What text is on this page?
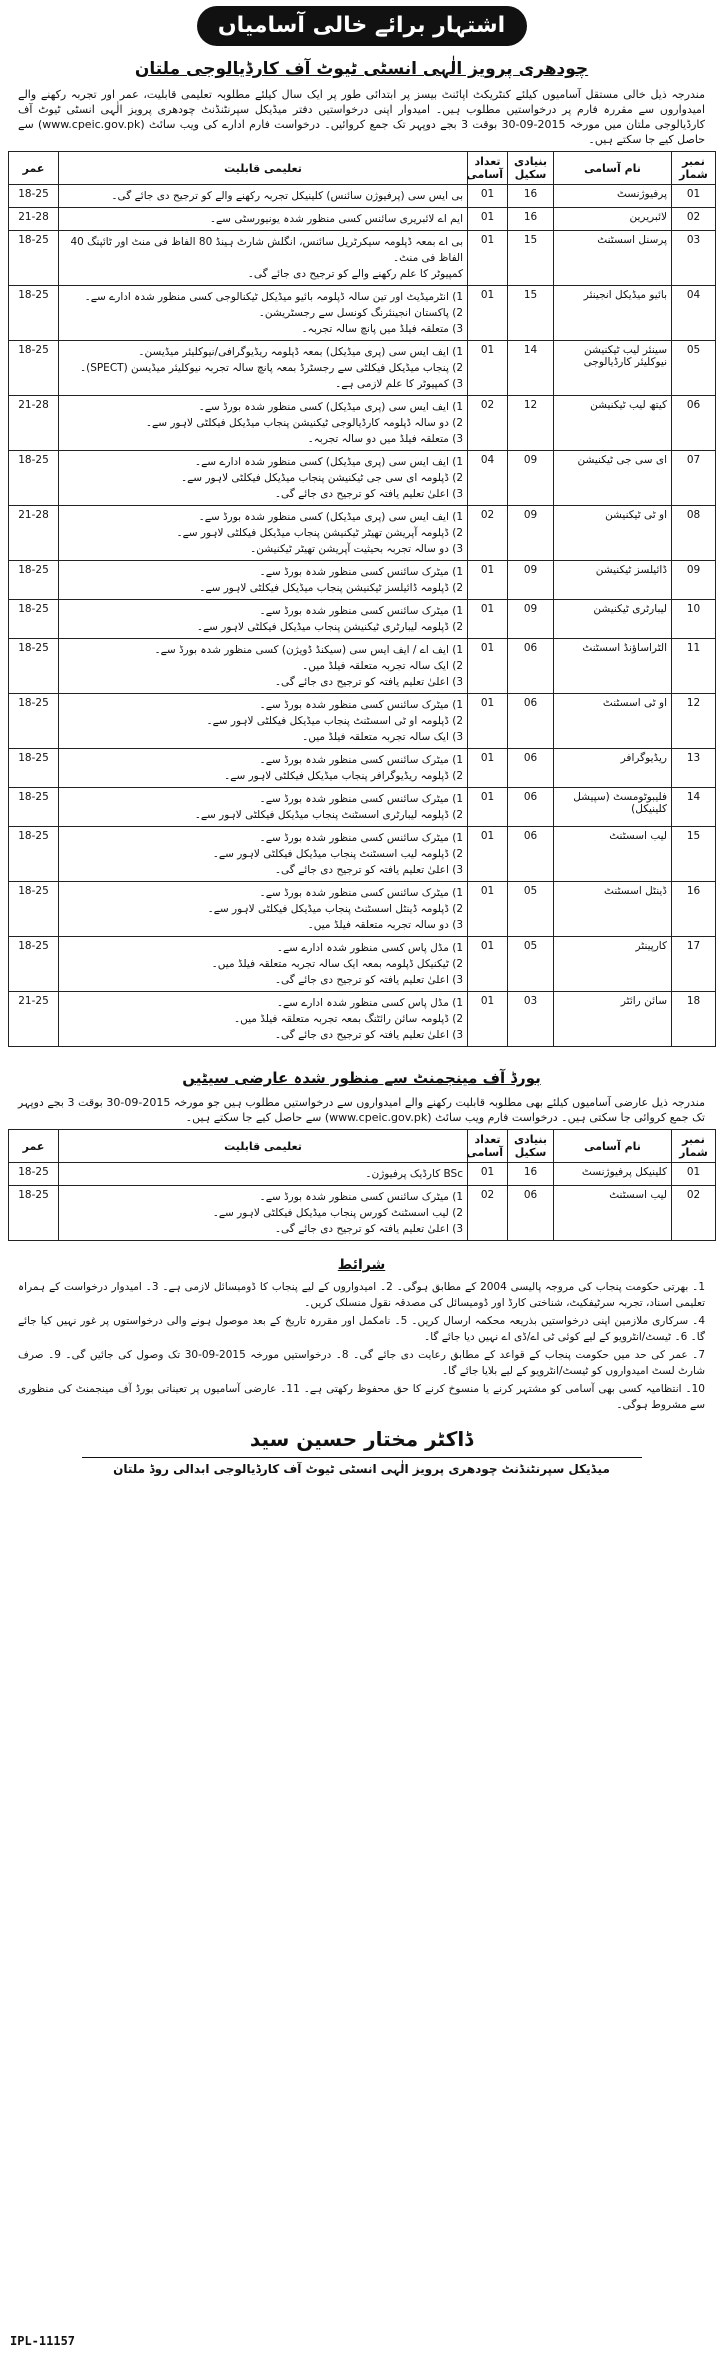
اشتہار برائے خالی آسامیاں
چودھری پرویز الٰہی انسٹی ٹیوٹ آف کارڈیالوجی ملتان
مندرجہ ذیل خالی مستقل آسامیوں کیلئے کنٹریکٹ اپائنٹ بیسز پر ابتدائی طور پر ایک سال کیلئے مطلوبہ تعلیمی قابلیت، عمر اور تجربہ رکھنے والے امیدواروں سے مقررہ فارم پر درخواستیں مطلوب ہیں۔ امیدوار اپنی درخواستیں دفتر میڈیکل سپرنٹنڈنٹ چودھری پرویز الٰہی انسٹی ٹیوٹ آف کارڈیالوجی ملتان میں مورخہ 2015-09-30 بوقت 3 بجے دوپہر تک جمع کروائیں۔ درخواست فارم ادارے کی ویب سائٹ (www.cpeic.gov.pk) سے حاصل کیے جا سکتے ہیں۔
نمبر شمار	نام آسامی	بنیادی سکیل	تعداد آسامی	تعلیمی قابلیت	عمر
01	پرفیوژنسٹ	16	01	بی ایس سی (پرفیوژن سائنس) کلینیکل تجربہ رکھنے والے کو ترجیح دی جائے گی۔	18-25
02	لائبریرین	16	01	ایم اے لائبریری سائنس کسی منظور شدہ یونیورسٹی سے۔	21-28
03	پرسنل اسسٹنٹ	15	01	بی اے بمعہ ڈپلومہ سیکرٹریل سائنس، انگلش شارٹ ہینڈ 80 الفاظ فی منٹ اور ٹائپنگ 40 الفاظ فی منٹ۔
کمپیوٹر کا علم رکھنے والے کو ترجیح دی جائے گی۔	18-25
04	بائیو میڈیکل انجینئر	15	01	1) انٹرمیڈیٹ اور تین سالہ ڈپلومہ بائیو میڈیکل ٹیکنالوجی کسی منظور شدہ ادارے سے۔
2) پاکستان انجینئرنگ کونسل سے رجسٹریشن۔
3) متعلقہ فیلڈ میں پانچ سالہ تجربہ۔	18-25
05	سینئر لیب ٹیکنیشن نیوکلیئر کارڈیالوجی	14	01	1) ایف ایس سی (پری میڈیکل) بمعہ ڈپلومہ ریڈیوگرافی/نیوکلیئر میڈیسن۔
2) پنجاب میڈیکل فیکلٹی سے رجسٹرڈ بمعہ پانچ سالہ تجربہ نیوکلیئر میڈیسن (SPECT)۔
3) کمپیوٹر کا علم لازمی ہے۔	18-25
06	کیتھ لیب ٹیکنیشن	12	02	1) ایف ایس سی (پری میڈیکل) کسی منظور شدہ بورڈ سے۔
2) دو سالہ ڈپلومہ کارڈیالوجی ٹیکنیشن پنجاب میڈیکل فیکلٹی لاہور سے۔
3) متعلقہ فیلڈ میں دو سالہ تجربہ۔	21-28
07	ای سی جی ٹیکنیشن	09	04	1) ایف ایس سی (پری میڈیکل) کسی منظور شدہ ادارے سے۔
2) ڈپلومہ ای سی جی ٹیکنیشن پنجاب میڈیکل فیکلٹی لاہور سے۔
3) اعلیٰ تعلیم یافتہ کو ترجیح دی جائے گی۔	18-25
08	او ٹی ٹیکنیشن	09	02	1) ایف ایس سی (پری میڈیکل) کسی منظور شدہ بورڈ سے۔
2) ڈپلومہ آپریشن تھیٹر ٹیکنیشن پنجاب میڈیکل فیکلٹی لاہور سے۔
3) دو سالہ تجربہ بحیثیت آپریشن تھیٹر ٹیکنیشن۔	21-28
09	ڈائیلسز ٹیکنیشن	09	01	1) میٹرک سائنس کسی منظور شدہ بورڈ سے۔
2) ڈپلومہ ڈائیلسز ٹیکنیشن پنجاب میڈیکل فیکلٹی لاہور سے۔	18-25
10	لیبارٹری ٹیکنیشن	09	01	1) میٹرک سائنس کسی منظور شدہ بورڈ سے۔
2) ڈپلومہ لیبارٹری ٹیکنیشن پنجاب میڈیکل فیکلٹی لاہور سے۔	18-25
11	الٹراساؤنڈ اسسٹنٹ	06	01	1) ایف اے / ایف ایس سی (سیکنڈ ڈویژن) کسی منظور شدہ بورڈ سے۔
2) ایک سالہ تجربہ متعلقہ فیلڈ میں۔
3) اعلیٰ تعلیم یافتہ کو ترجیح دی جائے گی۔	18-25
12	او ٹی اسسٹنٹ	06	01	1) میٹرک سائنس کسی منظور شدہ بورڈ سے۔
2) ڈپلومہ او ٹی اسسٹنٹ پنجاب میڈیکل فیکلٹی لاہور سے۔
3) ایک سالہ تجربہ متعلقہ فیلڈ میں۔	18-25
13	ریڈیوگرافر	06	01	1) میٹرک سائنس کسی منظور شدہ بورڈ سے۔
2) ڈپلومہ ریڈیوگرافر پنجاب میڈیکل فیکلٹی لاہور سے۔	18-25
14	فلیبوٹومسٹ (سپیشل کلینیکل)	06	01	1) میٹرک سائنس کسی منظور شدہ بورڈ سے۔
2) ڈپلومہ لیبارٹری اسسٹنٹ پنجاب میڈیکل فیکلٹی لاہور سے۔	18-25
15	لیب اسسٹنٹ	06	01	1) میٹرک سائنس کسی منظور شدہ بورڈ سے۔
2) ڈپلومہ لیب اسسٹنٹ پنجاب میڈیکل فیکلٹی لاہور سے۔
3) اعلیٰ تعلیم یافتہ کو ترجیح دی جائے گی۔	18-25
16	ڈینٹل اسسٹنٹ	05	01	1) میٹرک سائنس کسی منظور شدہ بورڈ سے۔
2) ڈپلومہ ڈینٹل اسسٹنٹ پنجاب میڈیکل فیکلٹی لاہور سے۔
3) دو سالہ تجربہ متعلقہ فیلڈ میں۔	18-25
17	کارپینٹر	05	01	1) مڈل پاس کسی منظور شدہ ادارے سے۔
2) ٹیکنیکل ڈپلومہ بمعہ ایک سالہ تجربہ متعلقہ فیلڈ میں۔
3) اعلیٰ تعلیم یافتہ کو ترجیح دی جائے گی۔	18-25
18	سائن رائٹر	03	01	1) مڈل پاس کسی منظور شدہ ادارے سے۔
2) ڈپلومہ سائن رائٹنگ بمعہ تجربہ متعلقہ فیلڈ میں۔
3) اعلیٰ تعلیم یافتہ کو ترجیح دی جائے گی۔	21-25
بورڈ آف مینجمنٹ سے منظور شدہ عارضی سیٹیں
مندرجہ ذیل عارضی آسامیوں کیلئے بھی مطلوبہ قابلیت رکھنے والے امیدواروں سے درخواستیں مطلوب ہیں جو مورخہ 2015-09-30 بوقت 3 بجے دوپہر تک جمع کروائی جا سکتی ہیں۔ درخواست فارم ویب سائٹ (www.cpeic.gov.pk) سے حاصل کیے جا سکتے ہیں۔
نمبر شمار	نام آسامی	بنیادی سکیل	تعداد آسامی	تعلیمی قابلیت	عمر
01	کلینیکل پرفیوژنسٹ	16	01	BSc کارڈیک پرفیوژن۔	18-25
02	لیب اسسٹنٹ	06	02	1) میٹرک سائنس کسی منظور شدہ بورڈ سے۔
2) لیب اسسٹنٹ کورس پنجاب میڈیکل فیکلٹی لاہور سے۔
3) اعلیٰ تعلیم یافتہ کو ترجیح دی جائے گی۔	18-25
شرائط

1۔ بھرتی حکومت پنجاب کی مروجہ پالیسی 2004 کے مطابق ہوگی۔ 2۔ امیدواروں کے لیے پنجاب کا ڈومیسائل لازمی ہے۔ 3۔ امیدوار درخواست کے ہمراہ تعلیمی اسناد، تجربہ سرٹیفکیٹ، شناختی کارڈ اور ڈومیسائل کی مصدقہ نقول منسلک کریں۔

4۔ سرکاری ملازمین اپنی درخواستیں بذریعہ محکمہ ارسال کریں۔ 5۔ نامکمل اور مقررہ تاریخ کے بعد موصول ہونے والی درخواستوں پر غور نہیں کیا جائے گا۔ 6۔ ٹیسٹ/انٹرویو کے لیے کوئی ٹی اے/ڈی اے نہیں دیا جائے گا۔

7۔ عمر کی حد میں حکومت پنجاب کے قواعد کے مطابق رعایت دی جائے گی۔ 8۔ درخواستیں مورخہ 2015-09-30 تک وصول کی جائیں گی۔ 9۔ صرف شارٹ لسٹ امیدواروں کو ٹیسٹ/انٹرویو کے لیے بلایا جائے گا۔

10۔ انتظامیہ کسی بھی آسامی کو مشتہر کرنے یا منسوخ کرنے کا حق محفوظ رکھتی ہے۔ 11۔ عارضی آسامیوں پر تعیناتی بورڈ آف مینجمنٹ کی منظوری سے مشروط ہوگی۔

ڈاکٹر مختار حسین سید
میڈیکل سپرنٹنڈنٹ چودھری پرویز الٰہی انسٹی ٹیوٹ آف کارڈیالوجی ابدالی روڈ ملتان
IPL-11157
